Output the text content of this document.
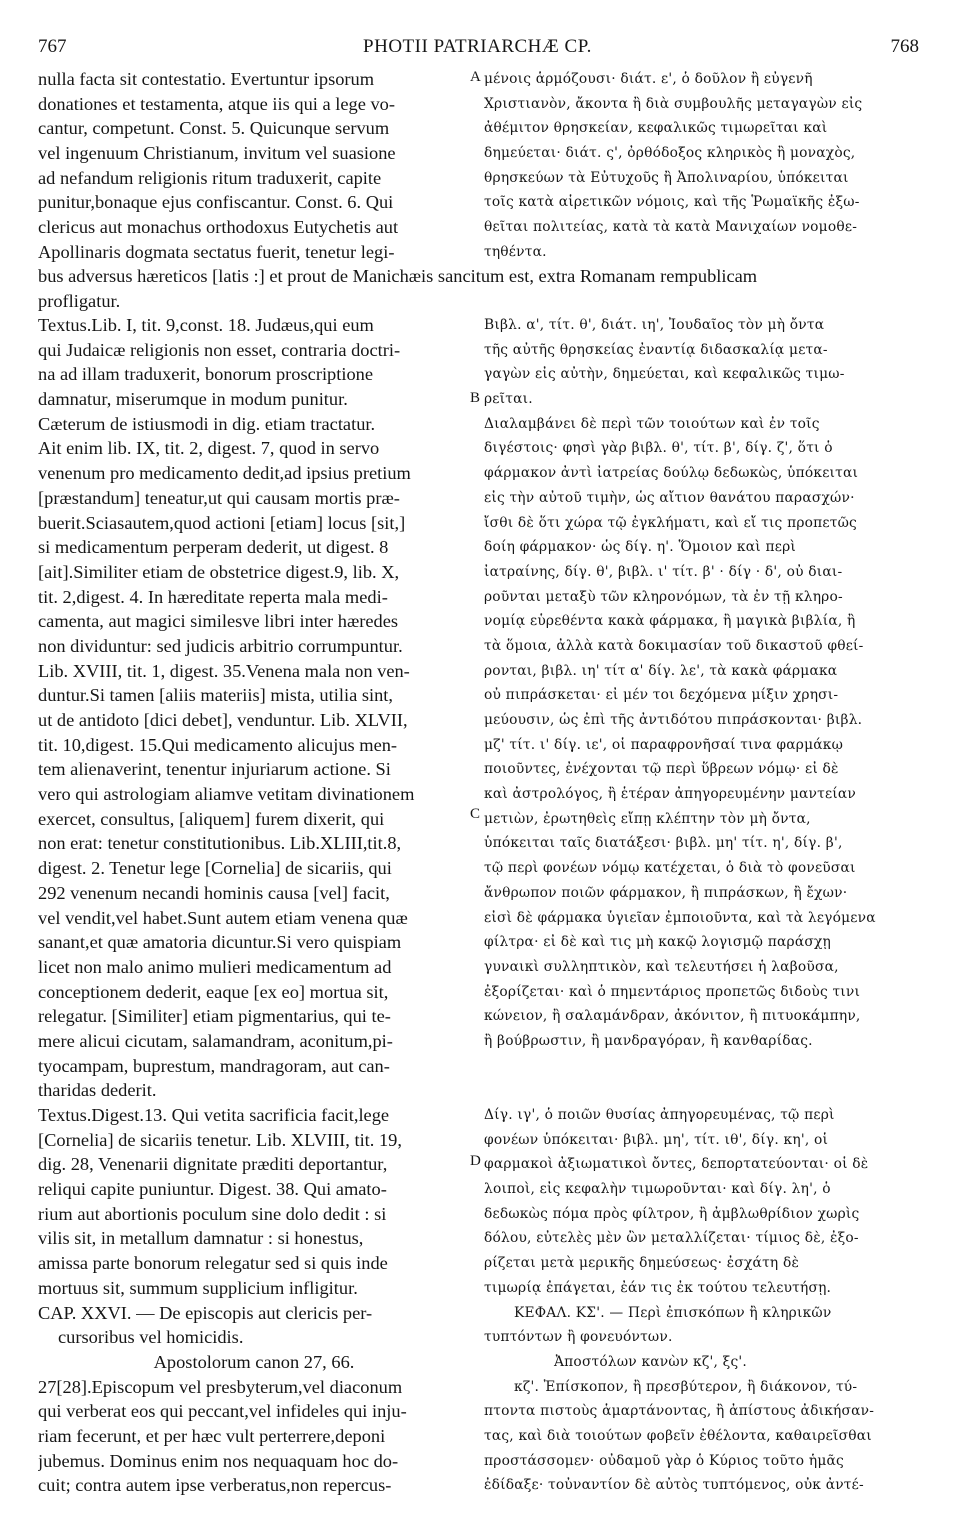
767	PHOTII PATRIARCHÆ CP.	768
nulla facta sit contestatio. Evertuntur ipsorum
donationes et testamenta, atque iis qui a lege vo-
cantur, competunt. Const. 5. Quicunque servum
vel ingenuum Christianum, invitum vel suasione
ad nefandum religionis ritum traduxerit, capite
punitur,bonaque ejus confiscantur. Const. 6. Qui
clericus aut monachus orthodoxus Eutychetis aut
Apollinaris dogmata sectatus fuerit, tenetur legi-
μένοις ἁρμόζουσι· διάτ. ε', ὁ δοῦλον ἢ εὐγενῆ
Χριστιανὸν, ἄκοντα ἢ διὰ συμβουλῆς μεταγαγὼν εἰς
ἀθέμιτον θρησκείαν, κεφαλικῶς τιμωρεῖται καὶ
δημεύεται· διάτ. ς', ὀρθόδοξος κληρικὸς ἢ μοναχὸς,
θρησκεύων τὰ Εὐτυχοῦς ἢ Ἀπολιναρίου, ὑπόκειται
τοῖς κατὰ αἱρετικῶν νόμοις, καὶ τῆς Ῥωμαϊκῆς ἐξω-
θεῖται πολιτείας, κατὰ τὰ κατὰ Μανιχαίων νομοθε-
τηθέντα.
bus adversus hæreticos [latis :] et prout de Manichæis sancitum est, extra Romanam rempublicam
profligatur.
Textus.Lib. I, tit. 9,const. 18. Judæus,qui eum
qui Judaicæ religionis non esset, contraria doctri-
na ad illam traduxerit, bonorum proscriptione
damnatur, miserumque in modum punitur.
Cæterum de istiusmodi in dig. etiam tractatur.
Ait enim lib. IX, tit. 2, digest. 7, quod in servo
venenum pro medicamento dedit,ad ipsius pretium
[præstandum] teneatur,ut qui causam mortis præ-
buerit.Sciasautem,quod actioni [etiam] locus [sit,]
si medicamentum perperam dederit, ut digest. 8
[ait].Similiter etiam de obstetrice digest.9, lib. X,
tit. 2,digest. 4. In hæreditate reperta mala medi-
camenta, aut magici similesve libri inter hæredes
non dividuntur: sed judicis arbitrio corrumpuntur.
Lib. XVIII, tit. 1, digest. 35.Venena mala non ven-
duntur.Si tamen [aliis materiis] mista, utilia sint,
ut de antidoto [dici debet], venduntur. Lib. XLVII,
tit. 10,digest. 15.Qui medicamento alicujus men-
tem alienaverint, tenentur injuriarum actione. Si
vero qui astrologiam aliamve vetitam divinationem
exercet, consultus, [aliquem] furem dixerit, qui
non erat: tenetur constitutionibus. Lib.XLIII,tit.8,
digest. 2. Tenetur lege [Cornelia] de sicariis, qui
292 venenum necandi hominis causa [vel] facit,
vel vendit,vel habet.Sunt autem etiam venena quæ
sanant,et quæ amatoria dicuntur.Si vero quispiam
licet non malo animo mulieri medicamentum ad
conceptionem dederit, eaque [ex eo] mortua sit,
relegatur. [Similiter] etiam pigmentarius, qui te-
mere alicui cicutam, salamandram, aconitum,pi-
tyocampam, buprestum, mandragoram, aut can-
tharidas dederit.
Textus.Digest.13. Qui vetita sacrificia facit,lege
[Cornelia] de sicariis tenetur. Lib. XLVIII, tit. 19,
dig. 28, Venenarii dignitate præditi deportantur,
reliqui capite puniuntur. Digest. 38. Qui amato-
rium aut abortionis poculum sine dolo dedit : si
vilis sit, in metallum damnatur : si honestus,
amissa parte bonorum relegatur sed si quis inde
mortuus sit, summum supplicium infligitur.
CAP. XXVI. — De episcopis aut clericis per-
cursoribus vel homicidis.
Apostolorum canon 27, 66.
27[28].Episcopum vel presbyterum,vel diaconum
qui verberat eos qui peccant,vel infideles qui inju-
riam fecerunt, et per hæc vult perterrere,deponi
jubemus. Dominus enim nos nequaquam hoc do-
cuit; contra autem ipse verberatus,non repercus-
Βιβλ. α', τίτ. θ', διάτ. ιη', Ἰουδαῖος τὸν μὴ ὄντα
τῆς αὐτῆς θρησκείας ἐναντίᾳ διδασκαλίᾳ μετα-
γαγὼν εἰς αὐτὴν, δημεύεται, καὶ κεφαλικῶς τιμω-
ρεῖται.
Διαλαμβάνει δὲ περὶ τῶν τοιούτων καὶ ἐν τοῖς
διγέστοις· φησὶ γὰρ βιβλ. θ', τίτ. β', δίγ. ζ', ὅτι ὁ
φάρμακον ἀντὶ ἰατρείας δούλῳ δεδωκὼς, ὑπόκειται
εἰς τὴν αὐτοῦ τιμὴν, ὡς αἴτιον θανάτου παρασχών·
ἴσθι δὲ ὅτι χώρα τῷ ἐγκλήματι, καὶ εἴ τις προπετῶς
δοίη φάρμακον· ὡς δίγ. η'. Ὅμοιον καὶ περὶ
ἰατραίνης, δίγ. θ', βιβλ. ι' τίτ. β' · δίγ · δ', οὐ διαι-
ροῦνται μεταξὺ τῶν κληρονόμων, τὰ ἐν τῇ κληρο-
νομίᾳ εὑρεθέντα κακὰ φάρμακα, ἢ μαγικὰ βιβλία, ἢ
τὰ ὅμοια, ἀλλὰ κατὰ δοκιμασίαν τοῦ δικαστοῦ φθεί-
ρονται, βιβλ. ιη' τίτ α' δίγ. λε', τὰ κακὰ φάρμακα
οὐ πιπράσκεται· εἰ μέν τοι δεχόμενα μίξιν χρησι-
μεύουσιν, ὡς ἐπὶ τῆς ἀντιδότου πιπράσκονται· βιβλ.
μζ' τίτ. ι' δίγ. ιε', οἱ παραφρονῆσαί τινα φαρμάκῳ
ποιοῦντες, ἐνέχονται τῷ περὶ ὕβρεων νόμῳ· εἰ δὲ
καὶ ἀστρολόγος, ἢ ἑτέραν ἀπηγορευμένην μαντείαν
μετιὼν, ἐρωτηθεὶς εἴπῃ κλέπτην τὸν μὴ ὄντα,
ὑπόκειται ταῖς διατάξεσι· βιβλ. μη' τίτ. η', δίγ. β',
τῷ περὶ φονέων νόμῳ κατέχεται, ὁ διὰ τὸ φονεῦσαι
ἄνθρωπον ποιῶν φάρμακον, ἢ πιπράσκων, ἢ ἔχων·
εἰσὶ δὲ φάρμακα ὑγιεῖαν ἐμποιοῦντα, καὶ τὰ λεγόμενα
φίλτρα· εἰ δὲ καὶ τις μὴ κακῷ λογισμῷ παράσχῃ
γυναικὶ συλληπτικὸν, καὶ τελευτήσει ἡ λαβοῦσα,
ἐξορίζεται· καὶ ὁ πημεντάριος προπετῶς διδοὺς τινι
κώνειον, ἢ σαλαμάνδραν, ἀκόνιτον, ἢ πιτυοκάμπην,
ἢ βούβρωστιν, ἢ μανδραγόραν, ἢ κανθαρίδας.
Δίγ. ιγ', ὁ ποιῶν θυσίας ἀπηγορευμένας, τῷ περὶ
φονέων ὑπόκειται· βιβλ. μη', τίτ. ιθ', δίγ. κη', οἱ
φαρμακοὶ ἀξιωματικοὶ ὄντες, δεπορτατεύονται· οἱ δὲ
λοιποὶ, εἰς κεφαλὴν τιμωροῦνται· καὶ δίγ. λη', ὁ
δεδωκὼς πόμα πρὸς φίλτρον, ἢ ἀμβλωθρίδιον χωρὶς
δόλου, εὐτελὲς μὲν ὢν μεταλλίζεται· τίμιος δὲ, ἐξο-
ρίζεται μετὰ μερικῆς δημεύσεως· ἐσχάτη δὲ
τιμωρίᾳ ἐπάγεται, ἐάν τις ἐκ τούτου τελευτήσῃ.
ΚΕΦΑΛ. ΚΣ'. — Περὶ ἐπισκόπων ἢ κληρικῶν
τυπτόντων ἢ φονευόντων.
Ἀποστόλων κανὼν κζ', ξς'.
κζ'. Ἐπίσκοπον, ἢ πρεσβύτερον, ἢ διάκονον, τύ-
πτοντα πιστοὺς ἁμαρτάνοντας, ἢ ἀπίστους ἀδικήσαν-
τας, καὶ διὰ τοιούτων φοβεῖν ἐθέλοντα, καθαιρεῖσθαι
προστάσσομεν· οὐδαμοῦ γὰρ ὁ Κύριος τοῦτο ἡμᾶς
ἐδίδαξε· τοὐναντίον δὲ αὐτὸς τυπτόμενος, οὐκ ἀντέ-
A
B
C
D
